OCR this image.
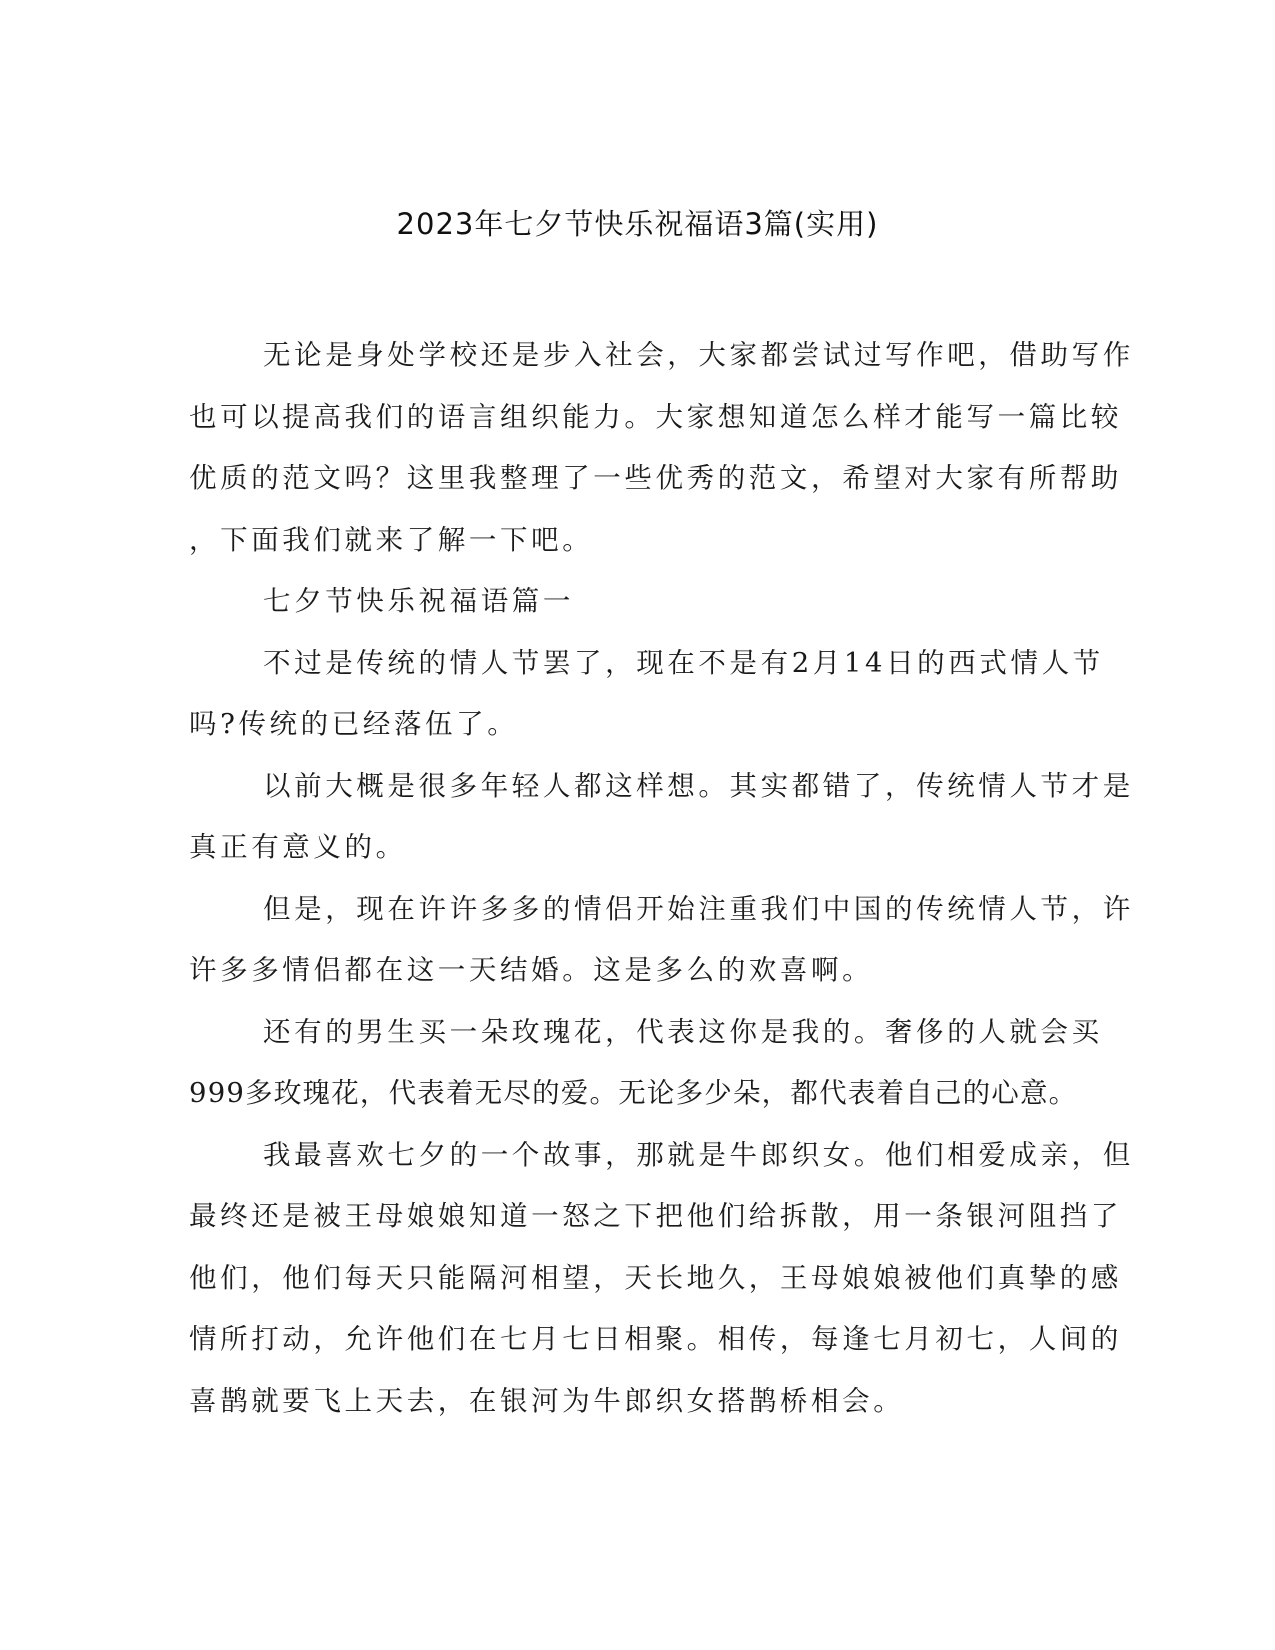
2023年七夕节快乐祝福语3篇(实用)
无论是身处学校还是步入社会，大家都尝试过写作吧，借助写作
也可以提高我们的语言组织能力。大家想知道怎么样才能写一篇比较
优质的范文吗？这里我整理了一些优秀的范文，希望对大家有所帮助
，下面我们就来了解一下吧。
七夕节快乐祝福语篇一
不过是传统的情人节罢了，现在不是有2月14日的西式情人节
吗?传统的已经落伍了。
以前大概是很多年轻人都这样想。其实都错了，传统情人节才是
真正有意义的。
但是，现在许许多多的情侣开始注重我们中国的传统情人节，许
许多多情侣都在这一天结婚。这是多么的欢喜啊。
还有的男生买一朵玫瑰花，代表这你是我的。奢侈的人就会买
999多玫瑰花，代表着无尽的爱。无论多少朵，都代表着自己的心意。
我最喜欢七夕的一个故事，那就是牛郎织女。他们相爱成亲，但
最终还是被王母娘娘知道一怒之下把他们给拆散，用一条银河阻挡了
他们，他们每天只能隔河相望，天长地久，王母娘娘被他们真挚的感
情所打动，允许他们在七月七日相聚。相传，每逢七月初七，人间的
喜鹊就要飞上天去，在银河为牛郎织女搭鹊桥相会。
